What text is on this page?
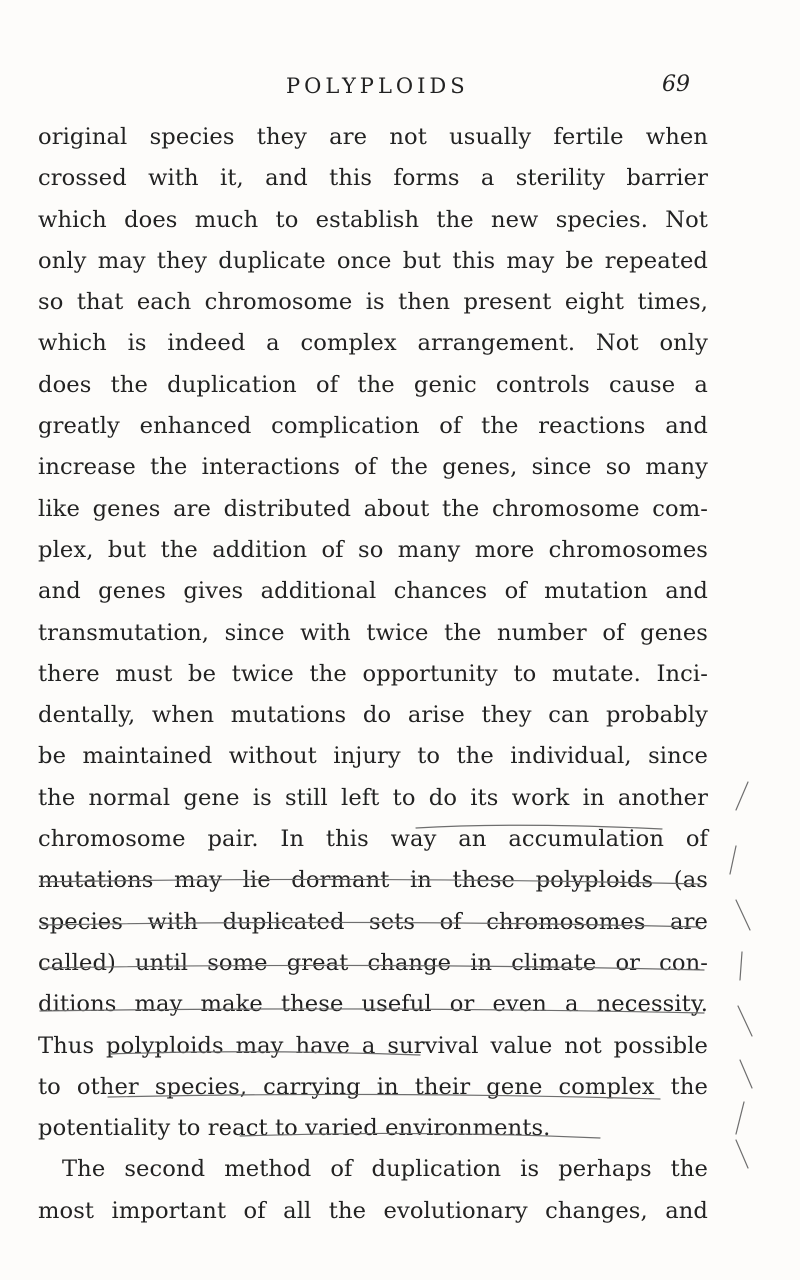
POLYPLOIDS	69
original species they are not usually fertile when
crossed with it, and this forms a sterility barrier
which does much to establish the new species. Not
only may they duplicate once but this may be repeated
so that each chromosome is then present eight times,
which is indeed a complex arrangement. Not only
does the duplication of the genic controls cause a
greatly enhanced complication of the reactions and
increase the interactions of the genes, since so many
like genes are distributed about the chromosome com-
plex, but the addition of so many more chromosomes
and genes gives additional chances of mutation and
transmutation, since with twice the number of genes
there must be twice the opportunity to mutate. Inci-
dentally, when mutations do arise they can probably
be maintained without injury to the individual, since
the normal gene is still left to do its work in another
chromosome pair. In this way an accumulation of
mutations may lie dormant in these polyploids (as
species with duplicated sets of chromosomes are
called) until some great change in climate or con-
ditions may make these useful or even a necessity.
Thus polyploids may have a survival value not possible
to other species, carrying in their gene complex the
potentiality to react to varied environments.
The second method of duplication is perhaps the
most important of all the evolutionary changes, and
